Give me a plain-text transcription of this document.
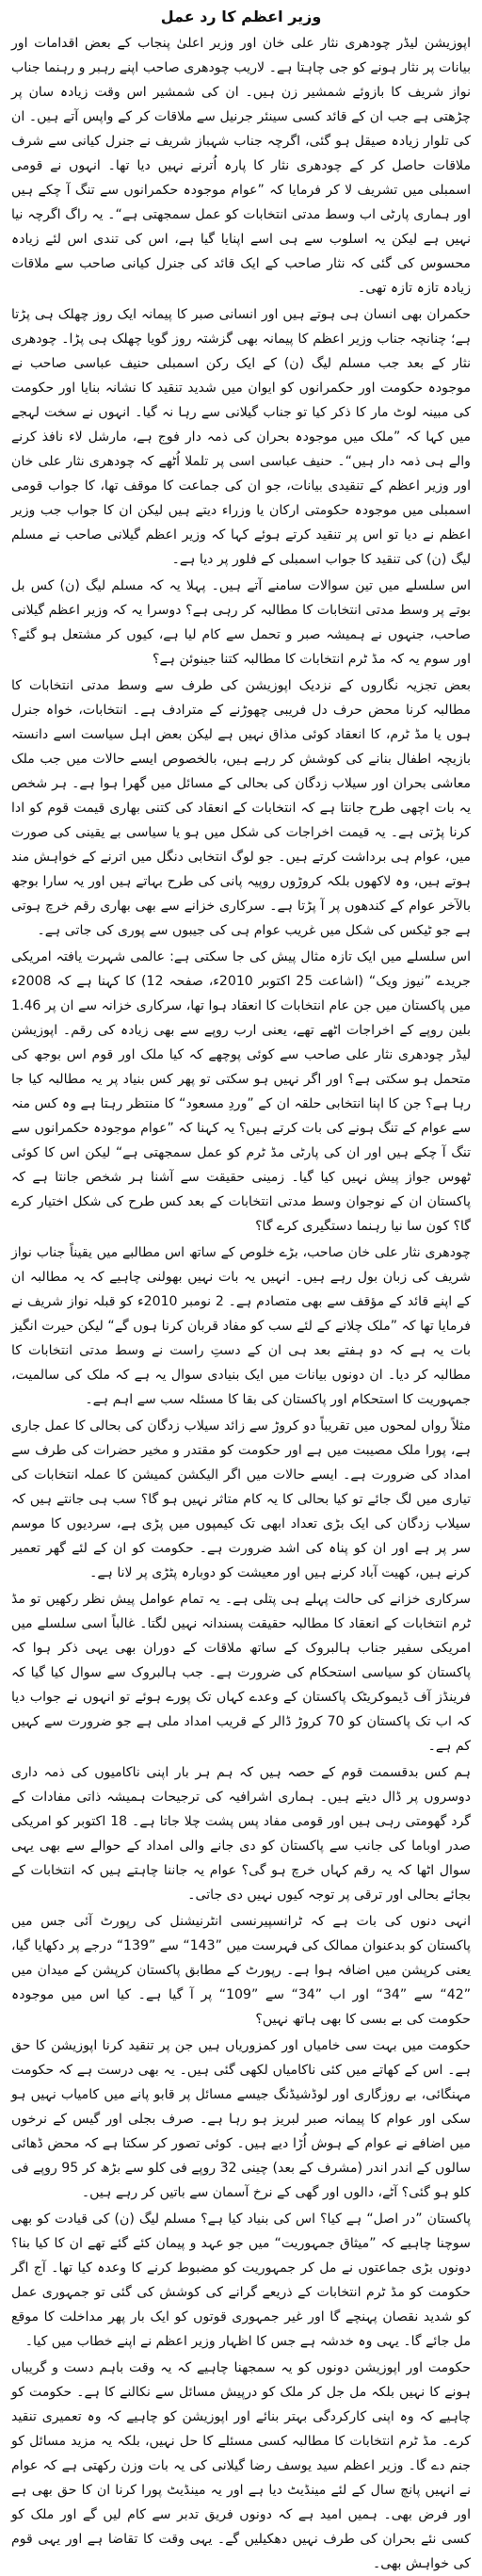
وزیر اعظم کا رد عمل

اپوزیشن لیڈر چودھری نثار علی خان اور وزیر اعلیٰ پنجاب کے بعض اقدامات اور بیانات پر نثار ہونے کو جی چاہتا ہے۔ لاریب چودھری صاحب اپنے رہبر و رہنما جناب نواز شریف کا بازوئے شمشیر زن ہیں۔ ان کی شمشیر اس وقت زیادہ سان پر چڑھتی ہے جب ان کے قائد کسی سینئر جرنیل سے ملاقات کر کے واپس آتے ہیں۔ ان کی تلوار زیادہ صیقل ہو گئی، اگرچہ جناب شہباز شریف نے جنرل کیانی سے شرف ملاقات حاصل کر کے چودھری نثار کا پارہ اُترنے نہیں دیا تھا۔ انہوں نے قومی اسمبلی میں تشریف لا کر فرمایا کہ ”عوام موجودہ حکمرانوں سے تنگ آ چکے ہیں اور ہماری پارٹی اب وسط مدتی انتخابات کو عمل سمجھتی ہے“۔ یہ راگ اگرچہ نیا نہیں ہے لیکن یہ اسلوب سے ہی اسے اپنایا گیا ہے، اس کی تندی اس لئے زیادہ محسوس کی گئی کہ نثار صاحب کے ایک قائد کی جنرل کیانی صاحب سے ملاقات زیادہ تازہ تازہ تھی۔

حکمران بھی انسان ہی ہوتے ہیں اور انسانی صبر کا پیمانہ ایک روز چھلک ہی پڑتا ہے؛ چنانچہ جناب وزیر اعظم کا پیمانہ بھی گزشتہ روز گویا چھلک ہی پڑا۔ چودھری نثار کے بعد جب مسلم لیگ (ن) کے ایک رکن اسمبلی حنیف عباسی صاحب نے موجودہ حکومت اور حکمرانوں کو ایوان میں شدید تنقید کا نشانہ بنایا اور حکومت کی مبینہ لوٹ مار کا ذکر کیا تو جناب گیلانی سے رہا نہ گیا۔ انہوں نے سخت لہجے میں کہا کہ ”ملک میں موجودہ بحران کی ذمہ دار فوج ہے، مارشل لاء نافذ کرنے والے ہی ذمہ دار ہیں“۔ حنیف عباسی اسی پر تلملا اُٹھے کہ چودھری نثار علی خان اور وزیر اعظم کے تنقیدی بیانات، جو ان کی جماعت کا موقف تھا، کا جواب قومی اسمبلی میں موجودہ حکومتی ارکان یا وزراء دیتے ہیں لیکن ان کا جواب جب وزیر اعظم نے دیا تو اس پر تنقید کرتے ہوئے کہا کہ وزیر اعظم گیلانی صاحب نے مسلم لیگ (ن) کی تنقید کا جواب اسمبلی کے فلور پر دیا ہے۔

اس سلسلے میں تین سوالات سامنے آتے ہیں۔ پہلا یہ کہ مسلم لیگ (ن) کس بل بوتے پر وسط مدتی انتخابات کا مطالبہ کر رہی ہے؟ دوسرا یہ کہ وزیر اعظم گیلانی صاحب، جنہوں نے ہمیشہ صبر و تحمل سے کام لیا ہے، کیوں کر مشتعل ہو گئے؟ اور سوم یہ کہ مڈ ٹرم انتخابات کا مطالبہ کتنا جینوئن ہے؟

بعض تجزیہ نگاروں کے نزدیک اپوزیشن کی طرف سے وسط مدتی انتخابات کا مطالبہ کرنا محض حرف دل فریبی چھوڑنے کے مترادف ہے۔ انتخابات، خواہ جنرل ہوں یا مڈ ٹرم، کا انعقاد کوئی مذاق نہیں ہے لیکن بعض اہل سیاست اسے دانستہ بازیچہ اطفال بنانے کی کوشش کر رہے ہیں، بالخصوص ایسے حالات میں جب ملک معاشی بحران اور سیلاب زدگان کی بحالی کے مسائل میں گھرا ہوا ہے۔ ہر شخص یہ بات اچھی طرح جانتا ہے کہ انتخابات کے انعقاد کی کتنی بھاری قیمت قوم کو ادا کرنا پڑتی ہے۔ یہ قیمت اخراجات کی شکل میں ہو یا سیاسی بے یقینی کی صورت میں، عوام ہی برداشت کرتے ہیں۔ جو لوگ انتخابی دنگل میں اترنے کے خواہش مند ہوتے ہیں، وہ لاکھوں بلکہ کروڑوں روپیہ پانی کی طرح بہاتے ہیں اور یہ سارا بوجھ بالآخر عوام کے کندھوں پر آ پڑتا ہے۔ سرکاری خزانے سے بھی بھاری رقم خرچ ہوتی ہے جو ٹیکس کی شکل میں غریب عوام ہی کی جیبوں سے پوری کی جاتی ہے۔

اس سلسلے میں ایک تازہ مثال پیش کی جا سکتی ہے: عالمی شہرت یافتہ امریکی جریدے ”نیوز ویک“ (اشاعت 25 اکتوبر 2010ء، صفحہ 12) کا کہنا ہے کہ 2008ء میں پاکستان میں جن عام انتخابات کا انعقاد ہوا تھا، سرکاری خزانہ سے ان پر 1.46 بلین روپے کے اخراجات اٹھے تھے، یعنی ارب روپے سے بھی زیادہ کی رقم۔ اپوزیشن لیڈر چودھری نثار علی صاحب سے کوئی پوچھے کہ کیا ملک اور قوم اس بوجھ کی متحمل ہو سکتی ہے؟ اور اگر نہیں ہو سکتی تو پھر کس بنیاد پر یہ مطالبہ کیا جا رہا ہے؟ جن کا اپنا انتخابی حلقہ ان کے ”وردِ مسعود“ کا منتظر رہتا ہے وہ کس منہ سے عوام کے تنگ ہونے کی بات کرتے ہیں؟ یہ کہنا کہ ”عوام موجودہ حکمرانوں سے تنگ آ چکے ہیں اور ان کی پارٹی مڈ ٹرم کو عمل سمجھتی ہے“ لیکن اس کا کوئی ٹھوس جواز پیش نہیں کیا گیا۔ زمینی حقیقت سے آشنا ہر شخص جانتا ہے کہ پاکستان ان کے نوجوان وسط مدتی انتخابات کے بعد کس طرح کی شکل اختیار کرے گا؟ کون سا نیا رہنما دستگیری کرے گا؟

چودھری نثار علی خان صاحب، بڑے خلوص کے ساتھ اس مطالبے میں یقیناً جناب نواز شریف کی زبان بول رہے ہیں۔ انہیں یہ بات نہیں بھولنی چاہیے کہ یہ مطالبہ ان کے اپنے قائد کے مؤقف سے بھی متصادم ہے۔ 2 نومبر 2010ء کو قبلہ نواز شریف نے فرمایا تھا کہ ”ملک چلانے کے لئے سب کو مفاد قربان کرنا ہوں گے“ لیکن حیرت انگیز بات یہ ہے کہ دو ہفتے بعد ہی ان کے دستِ راست نے وسط مدتی انتخابات کا مطالبہ کر دیا۔ ان دونوں بیانات میں ایک بنیادی سوال یہ ہے کہ ملک کی سالمیت، جمہوریت کا استحکام اور پاکستان کی بقا کا مسئلہ سب سے اہم ہے۔

مثلاً رواں لمحوں میں تقریباً دو کروڑ سے زائد سیلاب زدگان کی بحالی کا عمل جاری ہے، پورا ملک مصیبت میں ہے اور حکومت کو مقتدر و مخیر حضرات کی طرف سے امداد کی ضرورت ہے۔ ایسے حالات میں اگر الیکشن کمیشن کا عملہ انتخابات کی تیاری میں لگ جائے تو کیا بحالی کا یہ کام متاثر نہیں ہو گا؟ سب ہی جانتے ہیں کہ سیلاب زدگان کی ایک بڑی تعداد ابھی تک کیمپوں میں پڑی ہے، سردیوں کا موسم سر پر ہے اور ان کو پناہ کی اشد ضرورت ہے۔ حکومت کو ان کے لئے گھر تعمیر کرنے ہیں، کھیت آباد کرنے ہیں اور معیشت کو دوبارہ پٹڑی پر لانا ہے۔

سرکاری خزانے کی حالت پہلے ہی پتلی ہے۔ یہ تمام عوامل پیش نظر رکھیں تو مڈ ٹرم انتخابات کے انعقاد کا مطالبہ حقیقت پسندانہ نہیں لگتا۔ غالباً اسی سلسلے میں امریکی سفیر جناب ہالبروک کے ساتھ ملاقات کے دوران بھی یہی ذکر ہوا کہ پاکستان کو سیاسی استحکام کی ضرورت ہے۔ جب ہالبروک سے سوال کیا گیا کہ فرینڈز آف ڈیموکریٹک پاکستان کے وعدے کہاں تک پورے ہوئے تو انہوں نے جواب دیا کہ اب تک پاکستان کو 70 کروڑ ڈالر کے قریب امداد ملی ہے جو ضرورت سے کہیں کم ہے۔

ہم کس بدقسمت قوم کے حصہ ہیں کہ ہم ہر بار اپنی ناکامیوں کی ذمہ داری دوسروں پر ڈال دیتے ہیں۔ ہماری اشرافیہ کی ترجیحات ہمیشہ ذاتی مفادات کے گرد گھومتی رہی ہیں اور قومی مفاد پس پشت چلا جاتا ہے۔ 18 اکتوبر کو امریکی صدر اوباما کی جانب سے پاکستان کو دی جانے والی امداد کے حوالے سے بھی یہی سوال اٹھا کہ یہ رقم کہاں خرچ ہو گی؟ عوام یہ جاننا چاہتے ہیں کہ انتخابات کے بجائے بحالی اور ترقی پر توجہ کیوں نہیں دی جاتی۔

انہی دنوں کی بات ہے کہ ٹرانسپیرنسی انٹرنیشنل کی رپورٹ آئی جس میں پاکستان کو بدعنوان ممالک کی فہرست میں ”143“ سے ”139“ درجے پر دکھایا گیا، یعنی کرپشن میں اضافہ ہوا ہے۔ رپورٹ کے مطابق پاکستان کرپشن کے میدان میں ”42“ سے ”34“ اور اب ”34“ سے ”109“ پر آ گیا ہے۔ کیا اس میں موجودہ حکومت کی بے بسی کا بھی ہاتھ نہیں؟

حکومت میں بہت سی خامیاں اور کمزوریاں ہیں جن پر تنقید کرنا اپوزیشن کا حق ہے۔ اس کے کھاتے میں کئی ناکامیاں لکھی گئی ہیں۔ یہ بھی درست ہے کہ حکومت مہنگائی، بے روزگاری اور لوڈشیڈنگ جیسے مسائل پر قابو پانے میں کامیاب نہیں ہو سکی اور عوام کا پیمانہ صبر لبریز ہو رہا ہے۔ صرف بجلی اور گیس کے نرخوں میں اضافے نے عوام کے ہوش اُڑا دیے ہیں۔ کوئی تصور کر سکتا ہے کہ محض ڈھائی سالوں کے اندر اندر (مشرف کے بعد) چینی 32 روپے فی کلو سے بڑھ کر 95 روپے فی کلو ہو گئی؟ آٹے، دالوں اور گھی کے نرخ آسمان سے باتیں کر رہے ہیں۔

پاکستان ”در اصل“ ہے کیا؟ اس کی بنیاد کیا ہے؟ مسلم لیگ (ن) کی قیادت کو بھی سوچنا چاہیے کہ ”میثاق جمہوریت“ میں جو عہد و پیمان کئے گئے تھے ان کا کیا بنا؟ دونوں بڑی جماعتوں نے مل کر جمہوریت کو مضبوط کرنے کا وعدہ کیا تھا۔ آج اگر حکومت کو مڈ ٹرم انتخابات کے ذریعے گرانے کی کوشش کی گئی تو جمہوری عمل کو شدید نقصان پہنچے گا اور غیر جمہوری قوتوں کو ایک بار پھر مداخلت کا موقع مل جائے گا۔ یہی وہ خدشہ ہے جس کا اظہار وزیر اعظم نے اپنے خطاب میں کیا۔

حکومت اور اپوزیشن دونوں کو یہ سمجھنا چاہیے کہ یہ وقت باہم دست و گریباں ہونے کا نہیں بلکہ مل جل کر ملک کو درپیش مسائل سے نکالنے کا ہے۔ حکومت کو چاہیے کہ وہ اپنی کارکردگی بہتر بنائے اور اپوزیشن کو چاہیے کہ وہ تعمیری تنقید کرے۔ مڈ ٹرم انتخابات کا مطالبہ کسی مسئلے کا حل نہیں، بلکہ یہ مزید مسائل کو جنم دے گا۔ وزیر اعظم سید یوسف رضا گیلانی کی یہ بات وزن رکھتی ہے کہ عوام نے انہیں پانچ سال کے لئے مینڈیٹ دیا ہے اور یہ مینڈیٹ پورا کرنا ان کا حق بھی ہے اور فرض بھی۔ ہمیں امید ہے کہ دونوں فریق تدبر سے کام لیں گے اور ملک کو کسی نئے بحران کی طرف نہیں دھکیلیں گے۔ یہی وقت کا تقاضا ہے اور یہی قوم کی خواہش بھی۔
